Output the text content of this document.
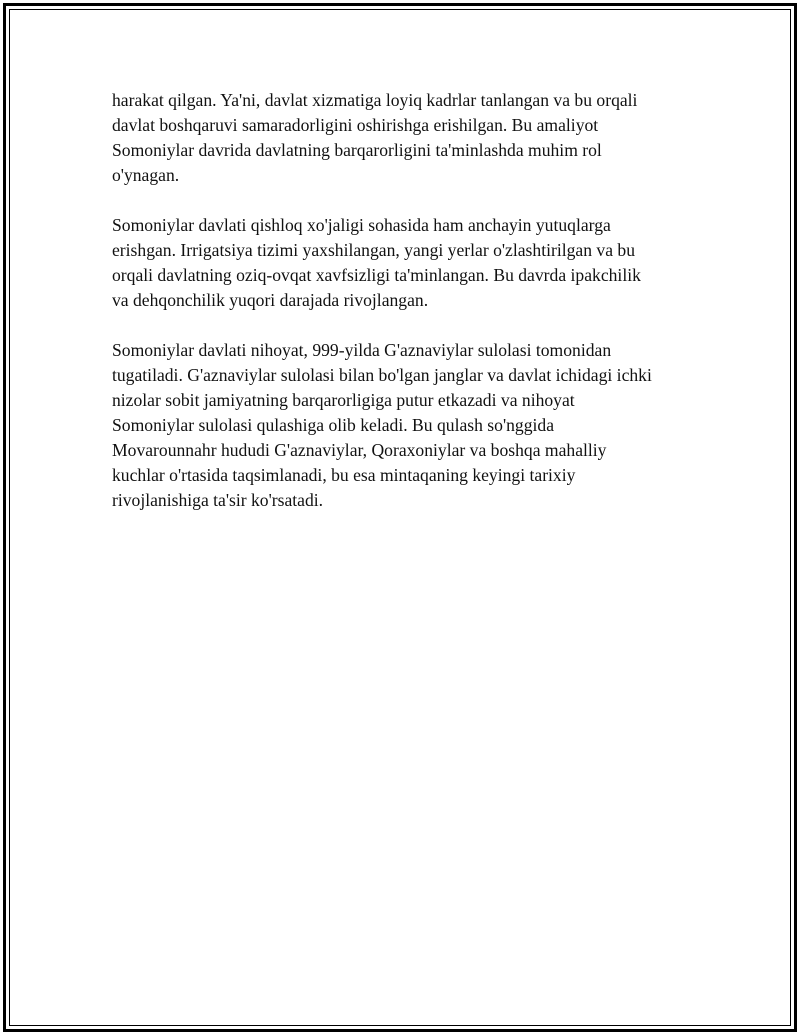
harakat qilgan. Ya'ni, davlat xizmatiga loyiq kadrlar tanlangan va bu orqali
davlat boshqaruvi samaradorligini oshirishga erishilgan. Bu amaliyot
Somoniylar davrida davlatning barqarorligini ta'minlashda muhim rol
o'ynagan.

Somoniylar davlati qishloq xo'jaligi sohasida ham anchayin yutuqlarga
erishgan. Irrigatsiya tizimi yaxshilangan, yangi yerlar o'zlashtirilgan va bu
orqali davlatning oziq-ovqat xavfsizligi ta'minlangan. Bu davrda ipakchilik
va dehqonchilik yuqori darajada rivojlangan.

Somoniylar davlati nihoyat, 999-yilda G'aznaviylar sulolasi tomonidan
tugatiladi. G'aznaviylar sulolasi bilan bo'lgan janglar va davlat ichidagi ichki
nizolar sobit jamiyatning barqarorligiga putur etkazadi va nihoyat
Somoniylar sulolasi qulashiga olib keladi. Bu qulash so'nggida
Movarounnahr hududi G'aznaviylar, Qoraxoniylar va boshqa mahalliy
kuchlar o'rtasida taqsimlanadi, bu esa mintaqaning keyingi tarixiy
rivojlanishiga ta'sir ko'rsatadi.
